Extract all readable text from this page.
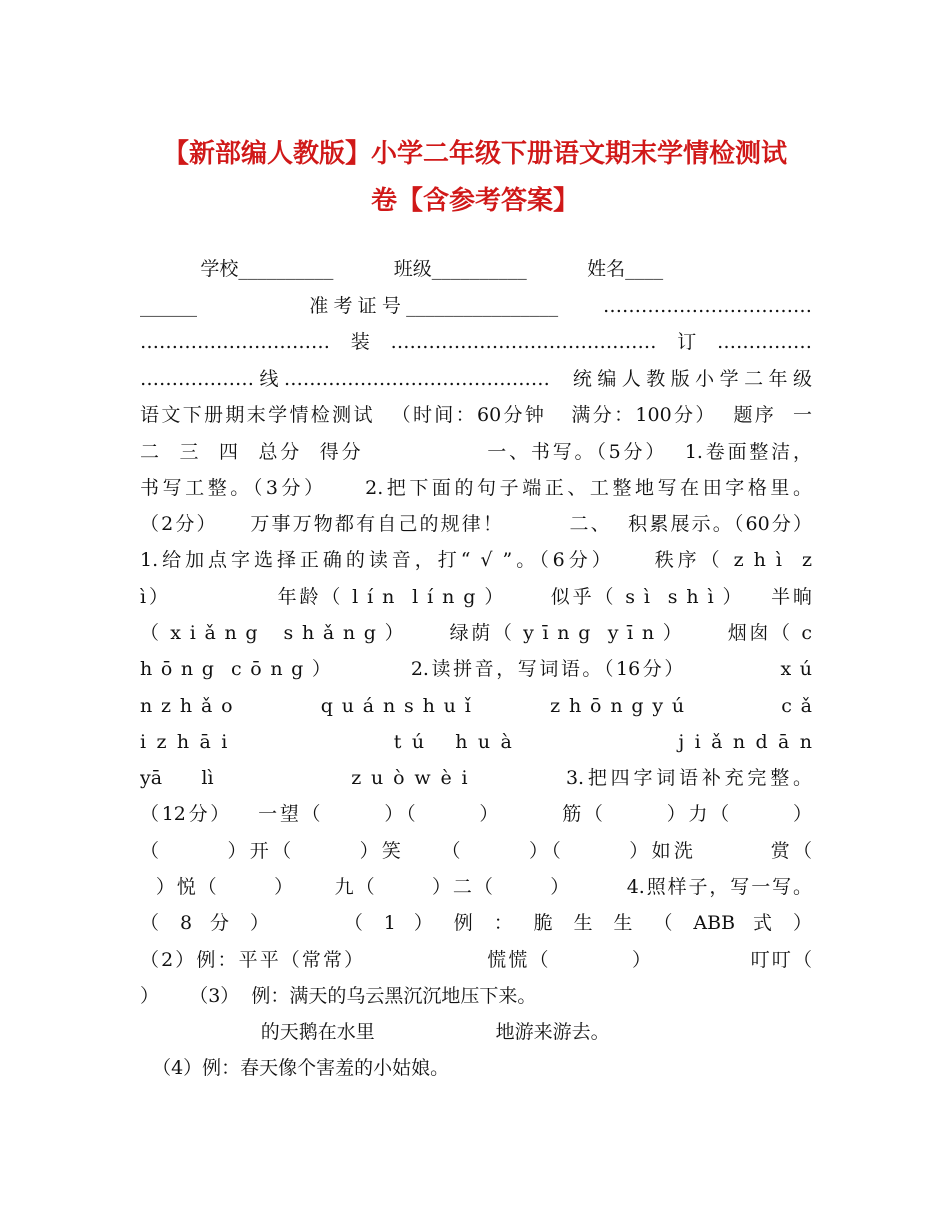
【新部编人教版】小学二年级下册语文期末学情检测试
卷【含参考答案】
学校__________          班级__________          姓名____
______          准考证号________________    ……………………………
…………………………装……………………………………订……………
………………线……………………………………  统编人教版小学二年级
语文下册期末学情检测试  （时间：60分钟   满分：100分）  题序  一
二  三  四  总分  得分              一、书写。（5分）  1.卷面整洁，
书写工整。（3分）    2.把下面的句子端正、工整地写在田字格里。
（2分）    万事万物都有自己的规律！        二、  积累展示。（60分）
1.给加点字选择正确的读音，打“ √ ”。（6分）    秩序（ z h ì  z
ì）            年龄（ l í n  l í n g ）     似乎（ s ì  s h ì ）   半晌
（ x i ǎ n g   s h ǎ n g ）     绿荫（ y ī n g  y ī n ）     烟囱（ c
h ō n g  c ō n g ）         2.读拼音，写词语。（16分）           x ú
n z h ǎ o          q u á n s h u ǐ         z h ō n g y ú           c ǎ
i z h ā i                t ú   h u à                j i ǎ n d ā n
yā    lì              z u ò w è i          3.把四字词语补充完整。
（12分）   一望（       ）（       ）       筋（       ）力（       ）
（       ）开（       ）笑    （       ）（       ）如洗        赏（
）悦（       ）     九（       ）二（       ）       4.照样子，写一写。
（  8  分  ）        （  1  ）  例  ：  脆  生  生  （  ABB  式  ）
（2）例：平平（常常）               慌慌（          ）            叮叮（
）     （3）  例：满天的乌云黑沉沉地压下来。
的天鹅在水里                    地游来游去。
（4）例：春天像个害羞的小姑娘。
